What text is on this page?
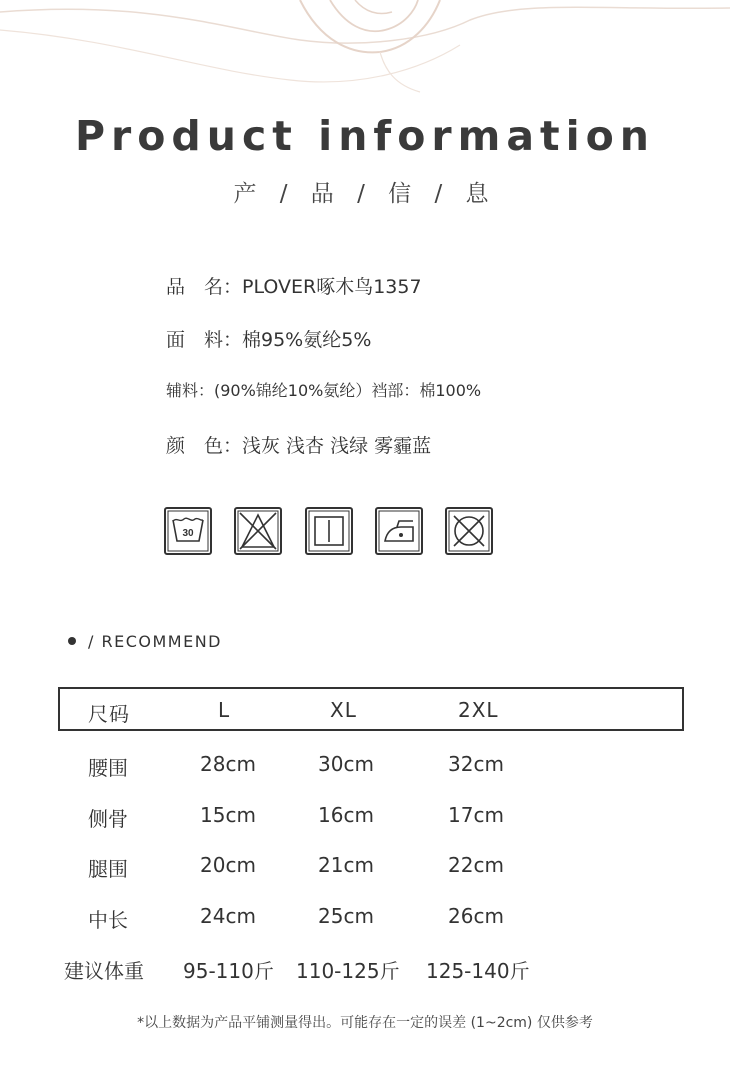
Product information
产 / 品 / 信 / 息
品　名：PLOVER啄木鸟1357
面　料：棉95%氨纶5%
辅料：(90%锦纶10%氨纶）裆部：棉100%
颜　色：浅灰 浅杏 浅绿 雾霾蓝
30
/ RECOMMEND
尺码	L	XL	2XL
腰围	28cm	30cm	32cm
侧骨	15cm	16cm	17cm
腿围	20cm	21cm	22cm
中长	24cm	25cm	26cm
建议体重 95-110斤 110-125斤 125-140斤
*以上数据为产品平铺测量得出。可能存在一定的误差 (1~2cm) 仅供参考
